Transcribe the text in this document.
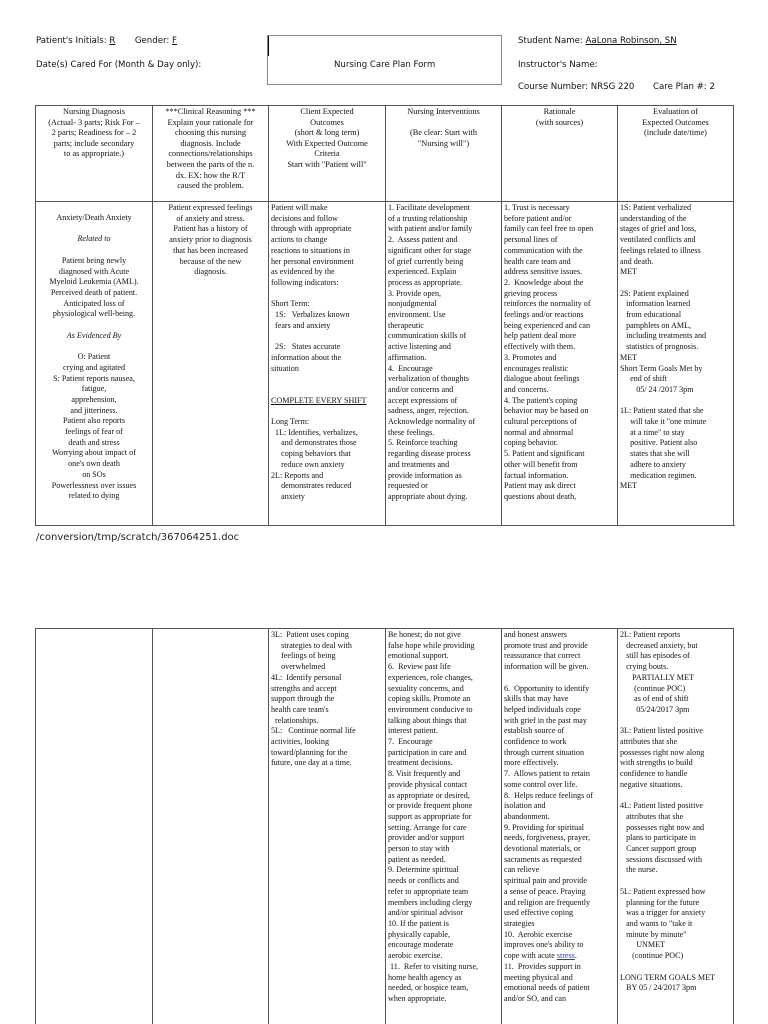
Patient's Initials: R Gender: F
Date(s) Cared For (Month & Day only):	Nursing Care Plan Form
Student Name: AaLona Robinson, SN
Instructor's Name:
Course Number: NRSG 220 Care Plan #: 2
Nursing Diagnosis
(Actual- 3 parts; Risk For –
2 parts; Readiness for – 2
parts; include secondary
to as appropriate.)
***Clinical Reasoning ***
Explain your rationale for
choosing this nursing
diagnosis. Include
connections/relationships
between the parts of the n.
dx. EX: how the R/T
caused the problem.
Client Expected
Outcomes
(short & long term)
With Expected Outcome
Criteria
Start with "Patient will"
Nursing Interventions

(Be clear: Start with
"Nursing will")
Rationale
(with sources)
Evaluation of
Expected Outcomes
(include date/time)
Anxiety/Death Anxiety

Related to

Patient being newly
diagnosed with Acute
Myeloid Leukemia (AML).
Perceived death of patient.
Anticipated loss of
physiological well-being.

As Evidenced By

O: Patient
crying and agitated
S: Patient reports nausea,
fatigue,
apprehension,
and jitteriness.
Patient also reports
feelings of fear of
death and stress
Worrying about impact of
one's own death
on SOs
Powerlessness over issues
related to dying
Patient expressed feelings
of anxiety and stress.
Patient has a history of
anxiety prior to diagnosis
that has been increased
because of the new
diagnosis.
Patient will make
decisions and follow
through with appropriate
actions to change
reactions to situations in
her personal environment
as evidenced by the
following indicators:

Short Term:
1S:   Verbalizes known
fears and anxiety

2S:   States accurate
information about the
situation

COMPLETE EVERY SHIFT

Long Term:
1L: Identifies, verbalizes,
and demonstrates those
coping behaviors that
reduce own anxiety
2L: Reports and
demonstrates reduced
anxiety
1. Facilitate development
of a trusting relationship
with patient and/or family
2.  Assess patient and
significant other for stage
of grief currently being
experienced. Explain
process as appropriate.
3. Provide open,
nonjudgmental
environment. Use
therapeutic
communication skills of
active listening and
affirmation.
4.  Encourage
verbalization of thoughts
and/or concerns and
accept expressions of
sadness, anger, rejection.
Acknowledge normality of
these feelings.
5. Reinforce teaching
regarding disease process
and treatments and
provide information as
requested or
appropriate about dying.
1. Trust is necessary
before patient and/or
family can feel free to open
personal lines of
communication with the
health care team and
address sensitive issues.
2.  Knowledge about the
grieving process
reinforces the normality of
feelings and/or reactions
being experienced and can
help patient deal more
effectively with them.
3. Promotes and
encourages realistic
dialogue about feelings
and concerns.
4. The patient's coping
behavior may be based on
cultural perceptions of
normal and abnormal
coping behavior.
5. Patient and significant
other will benefit from
factual information.
Patient may ask direct
questions about death,
1S: Patient verbalized
understanding of the
stages of grief and loss,
ventilated conflicts and
feelings related to illness
and death.
MET

2S: Patient explained
information learned
from educational
pamphlets on AML,
including treatments and
statistics of prognosis.
MET
Short Term Goals Met by
end of shift
05/ 24 /2017 3pm

1L: Patient stated that she
will take it "one minute
at a time" to stay
positive. Patient also
states that she will
adhere to anxiety
medication regimen.
MET
/conversion/tmp/scratch/367064251.doc
3L:  Patient uses coping
strategies to deal with
feelings of being
overwhelmed
4L:  Identify personal
strengths and accept
support through the
health care team's
relationships.
5L:   Continue normal life
activities, looking
toward/planning for the
future, one day at a time.
Be honest; do not give
false hope while providing
emotional support.
6.  Review past life
experiences, role changes,
sexuality concerns, and
coping skills. Promote an
environment conducive to
talking about things that
interest patient.
7.  Encourage
participation in care and
treatment decisions.
8. Visit frequently and
provide physical contact
as appropriate or desired,
or provide frequent phone
support as appropriate for
setting. Arrange for care
provider and/or support
person to stay with
patient as needed.
9. Determine spiritual
needs or conflicts and
refer to appropriate team
members including clergy
and/or spiritual advisor
10. If the patient is
physically capable,
encourage moderate
aerobic exercise.
11.  Refer to visiting nurse,
home health agency as
needed, or hospice team,
when appropriate.
and honest answers
promote trust and provide
reassurance that correct
information will be given.

6.  Opportunity to identify
skills that may have
helped individuals cope
with grief in the past may
establish source of
confidence to work
through current situation
more effectively.
7.  Allows patient to retain
some control over life.
8.  Helps reduce feelings of
isolation and
abandonment.
9. Providing for spiritual
needs, forgiveness, prayer,
devotional materials, or
sacraments as requested
can relieve
spiritual pain and provide
a sense of peace. Praying
and religion are frequently
used effective coping
strategies
10.  Aerobic exercise
improves one's ability to
cope with acute stress.
11.  Provides support in
meeting physical and
emotional needs of patient
and/or SO, and can
2L: Patient reports
decreased anxiety, but
still has episodes of
crying bouts.
PARTIALLY MET
(continue POC)
as of end of shift
05/24/2017 3pm

3L: Patient listed positive
attributes that she
possesses right now along
with strengths to build
confidence to handle
negative situations.

4L: Patient listed positive
attributes that she
possesses right now and
plans to participate in
Cancer support group
sessions discussed with
the nurse.

5L: Patient expressed how
planning for the future
was a trigger for anxiety
and wants to "take it
minute by minute"
UNMET
(continue POC)

LONG TERM GOALS MET
BY 05 / 24/2017 3pm
